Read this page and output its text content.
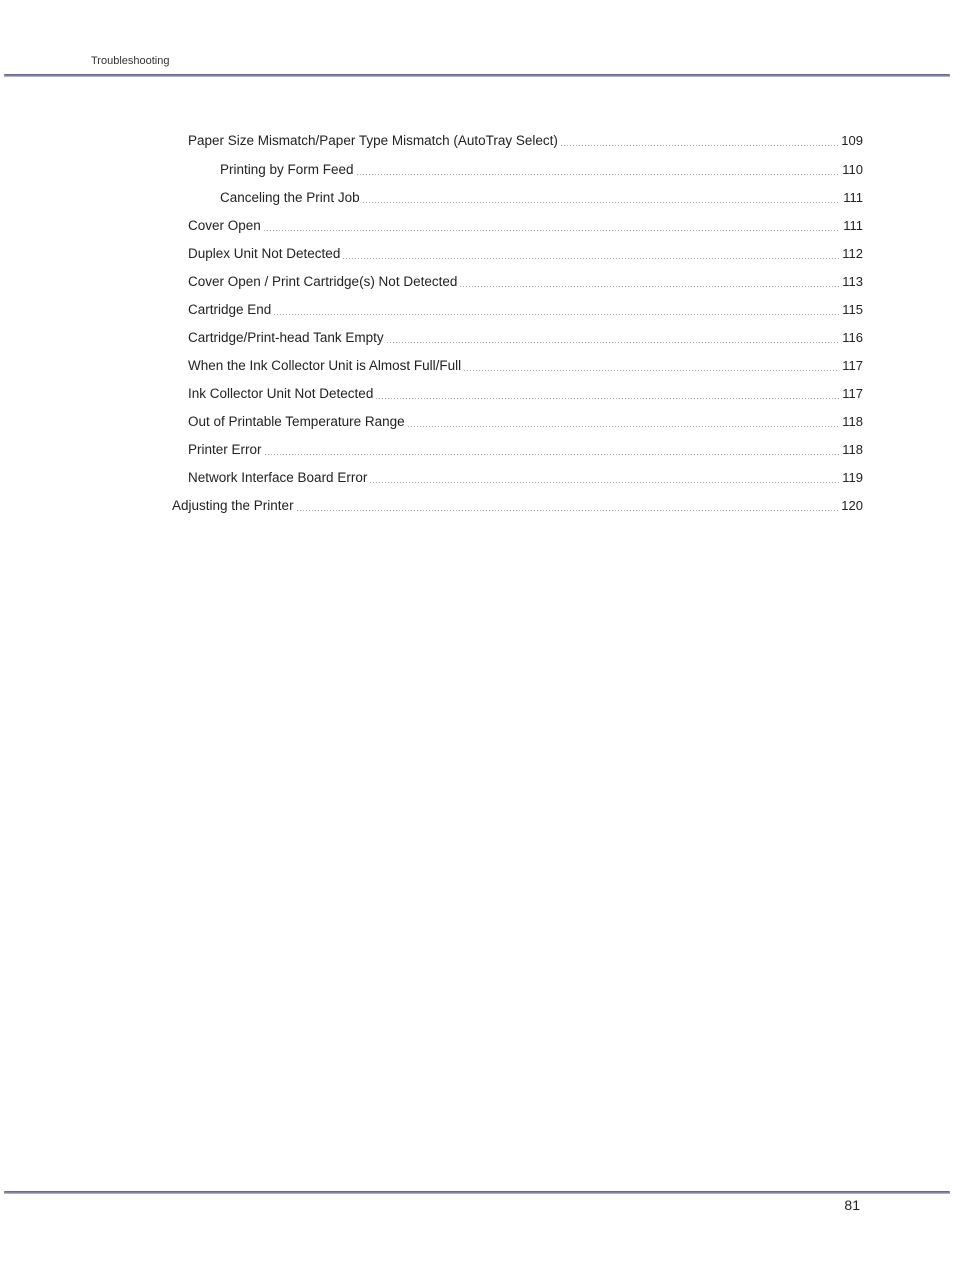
Troubleshooting
Paper Size Mismatch/Paper Type Mismatch (AutoTray Select)	109
Printing by Form Feed	110
Canceling the Print Job	111
Cover Open	111
Duplex Unit Not Detected	112
Cover Open / Print Cartridge(s) Not Detected	113
Cartridge End	115
Cartridge/Print-head Tank Empty	116
When the Ink Collector Unit is Almost Full/Full	117
Ink Collector Unit Not Detected	117
Out of Printable Temperature Range	118
Printer Error	118
Network Interface Board Error	119
Adjusting the Printer	120
81
